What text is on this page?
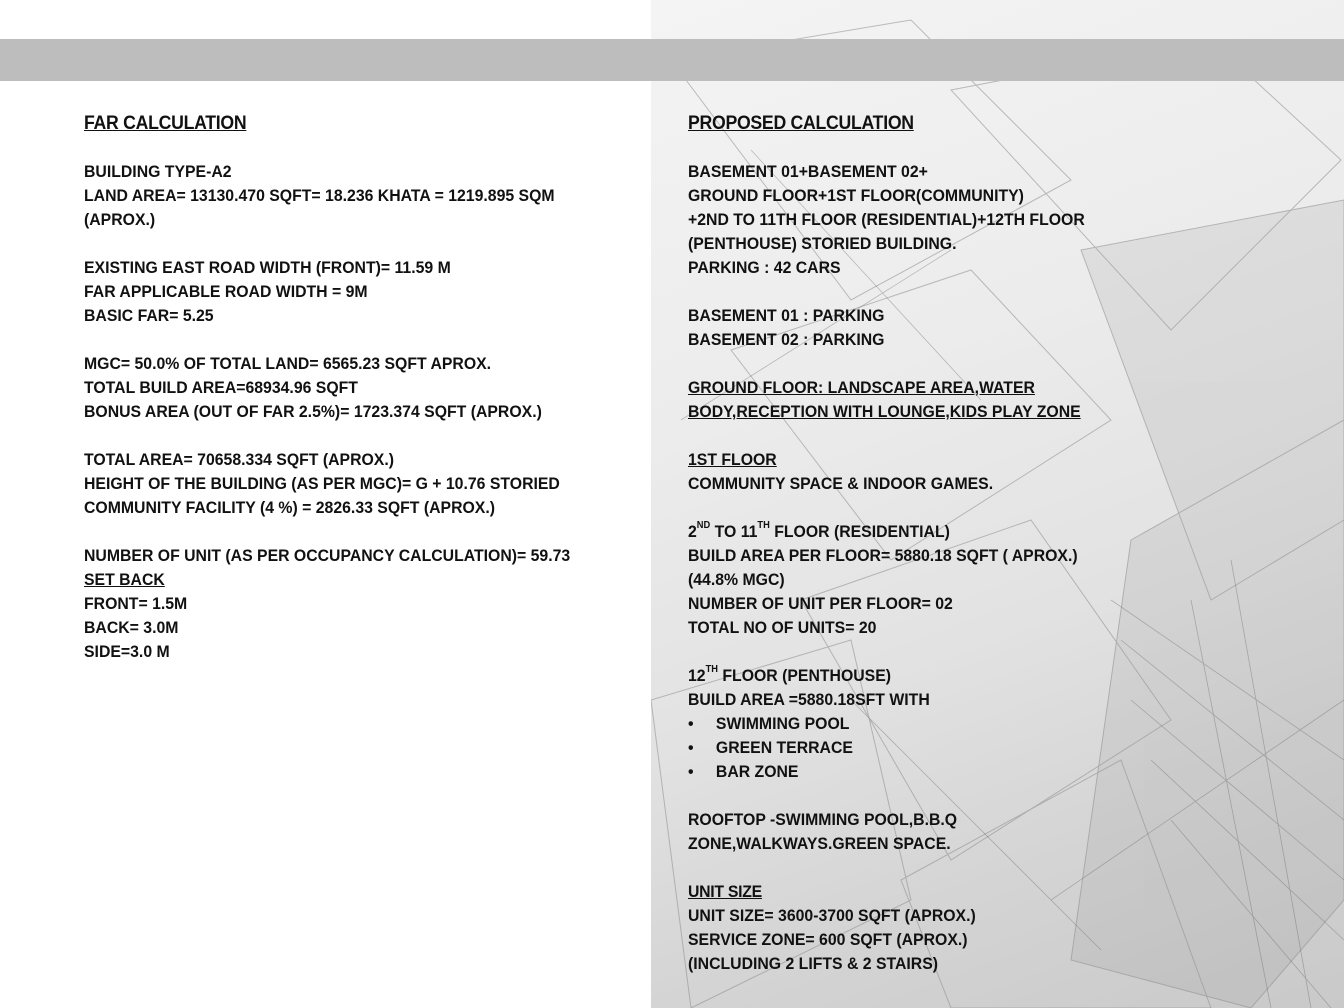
FAR CALCULATION
BUILDING TYPE-A2
LAND AREA= 13130.470 SQFT= 18.236 KHATA = 1219.895 SQM
(APROX.)
EXISTING EAST ROAD WIDTH (FRONT)= 11.59 M
FAR APPLICABLE ROAD WIDTH = 9M
BASIC FAR= 5.25
MGC= 50.0% OF TOTAL LAND= 6565.23 SQFT APROX.
TOTAL BUILD AREA=68934.96 SQFT
BONUS AREA (OUT OF FAR 2.5%)= 1723.374 SQFT (APROX.)
TOTAL AREA= 70658.334 SQFT (APROX.)
HEIGHT OF THE BUILDING (AS PER MGC)= G + 10.76 STORIED
COMMUNITY FACILITY (4 %) = 2826.33 SQFT (APROX.)
NUMBER OF UNIT (AS PER OCCUPANCY CALCULATION)= 59.73
SET BACK
FRONT= 1.5M
BACK= 3.0M
SIDE=3.0 M
PROPOSED CALCULATION
BASEMENT 01+BASEMENT 02+
GROUND FLOOR+1ST FLOOR(COMMUNITY)
+2ND TO 11TH FLOOR (RESIDENTIAL)+12TH FLOOR
(PENTHOUSE) STORIED BUILDING.
PARKING : 42 CARS
BASEMENT 01 : PARKING
BASEMENT 02 : PARKING
GROUND FLOOR: LANDSCAPE AREA,WATER
BODY,RECEPTION WITH LOUNGE,KIDS PLAY ZONE
1ST FLOOR
COMMUNITY SPACE & INDOOR GAMES.
2ND TO 11TH FLOOR (RESIDENTIAL)
BUILD AREA PER FLOOR= 5880.18 SQFT ( APROX.)
(44.8% MGC)
NUMBER OF UNIT PER FLOOR= 02
TOTAL NO OF UNITS= 20
12TH FLOOR (PENTHOUSE)
BUILD AREA =5880.18SFT WITH
• SWIMMING POOL
• GREEN TERRACE
• BAR ZONE
ROOFTOP -SWIMMING POOL,B.B.Q
ZONE,WALKWAYS.GREEN SPACE.
UNIT SIZE
UNIT SIZE= 3600-3700 SQFT (APROX.)
SERVICE ZONE= 600 SQFT (APROX.)
(INCLUDING 2 LIFTS & 2 STAIRS)
